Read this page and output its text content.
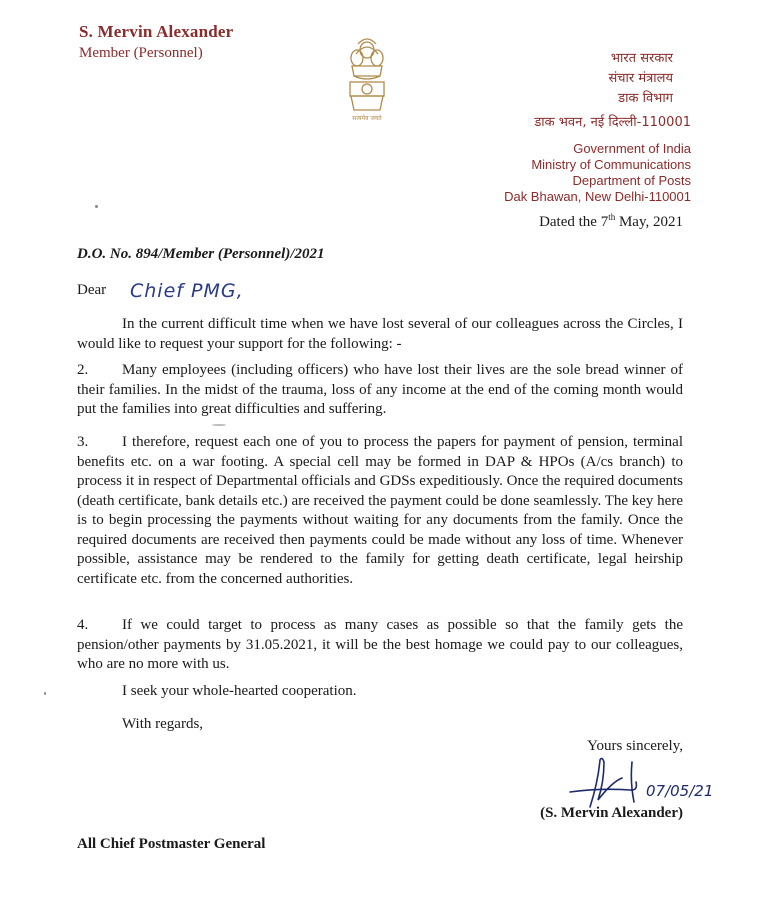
S. Mervin Alexander
Member (Personnel)
सत्यमेव जयते
भारत सरकार
संचार मंत्रालय
डाक विभाग
डाक भवन, नई दिल्ली-110001
Government of India
Ministry of Communications
Department of Posts
Dak Bhawan, New Delhi-110001
Dated the 7th May, 2021
D.O. No. 894/Member (Personnel)/2021
Dear Chief PMG,
In the current difficult time when we have lost several of our colleagues across the Circles, I would like to request your support for the following: -
2. Many employees (including officers) who have lost their lives are the sole bread winner of their families. In the midst of the trauma, loss of any income at the end of the coming month would put the families into great difficulties and suffering.
3. I therefore, request each one of you to process the papers for payment of pension, terminal benefits etc. on a war footing. A special cell may be formed in DAP & HPOs (A/cs branch) to process it in respect of Departmental officials and GDSs expeditiously. Once the required documents (death certificate, bank details etc.) are received the payment could be done seamlessly. The key here is to begin processing the payments without waiting for any documents from the family. Once the required documents are received then payments could be made without any loss of time. Whenever possible, assistance may be rendered to the family for getting death certificate, legal heirship certificate etc. from the concerned authorities.
4. If we could target to process as many cases as possible so that the family gets the pension/other payments by 31.05.2021, it will be the best homage we could pay to our colleagues, who are no more with us.
I seek your whole-hearted cooperation.
With regards,
Yours sincerely,
07/05/21
(S. Mervin Alexander)
All Chief Postmaster General
